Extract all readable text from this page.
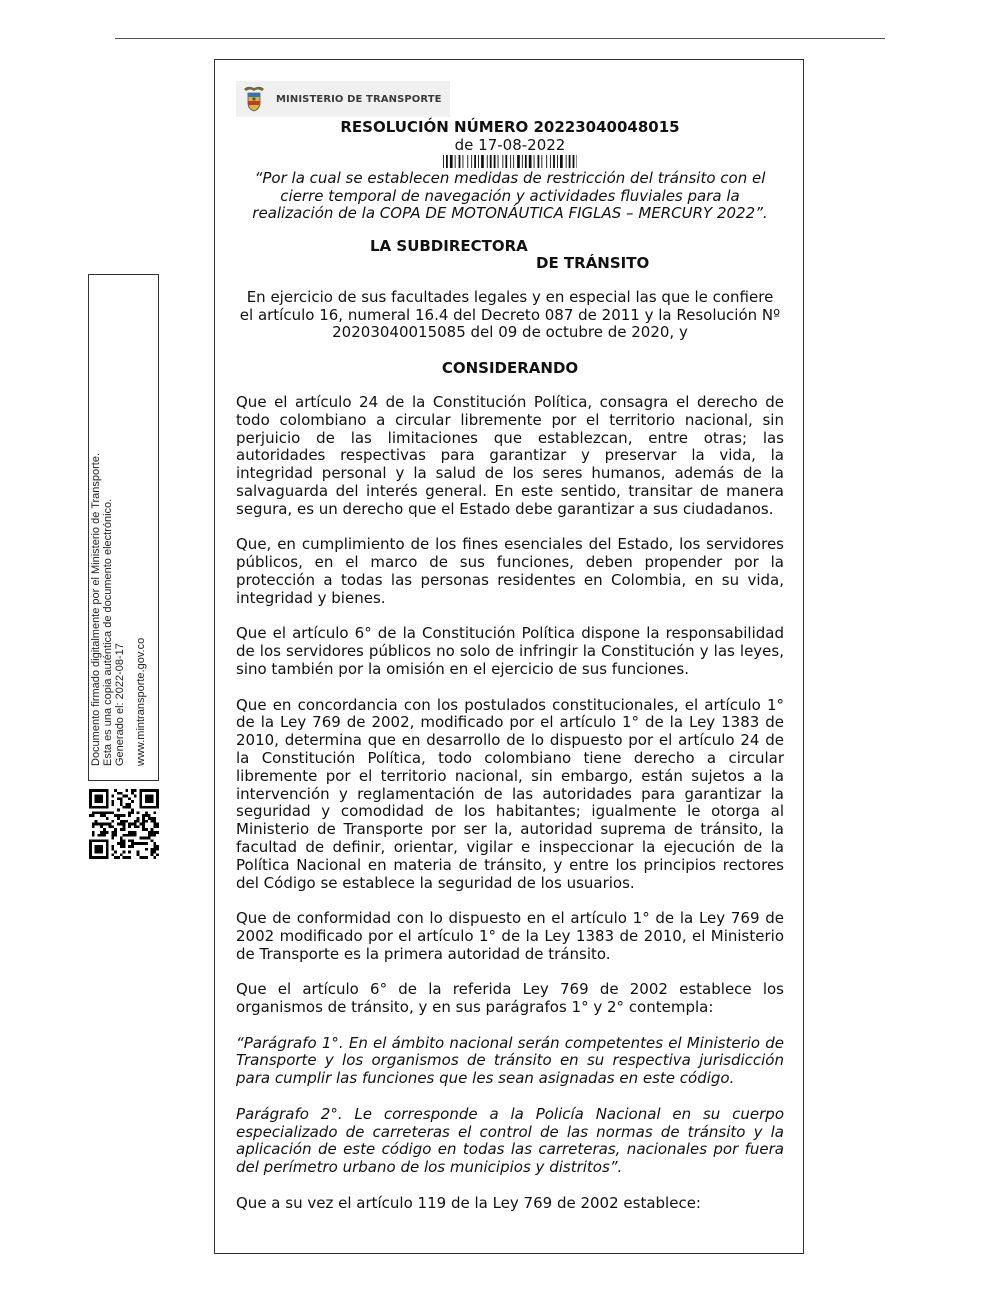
MINISTERIO DE TRANSPORTE
RESOLUCIÓN NÚMERO 20223040048015
de 17-08-2022
“Por la cual se establecen medidas de restricción del tránsito con el
cierre temporal de navegación y actividades fluviales para la
realización de la COPA DE MOTONÁUTICA FIGLAS – MERCURY 2022”.
LA SUBDIRECTORA
DE TRÁNSITO
En ejercicio de sus facultades legales y en especial las que le confiere
el artículo 16, numeral 16.4 del Decreto 087 de 2011 y la Resolución Nº
20203040015085 del 09 de octubre de 2020, y
CONSIDERANDO

Que el artículo 24 de la Constitución Política, consagra el derecho de todo colombiano a circular libremente por el territorio nacional, sin perjuicio de las limitaciones que establezcan, entre otras; las autoridades respectivas para garantizar y preservar la vida, la integridad personal y la salud de los seres humanos, además de la salvaguarda del interés general. En este sentido, transitar de manera segura, es un derecho que el Estado debe garantizar a sus ciudadanos.

Que, en cumplimiento de los fines esenciales del Estado, los servidores públicos, en el marco de sus funciones, deben propender por la protección a todas las personas residentes en Colombia, en su vida, integridad y bienes.

Que el artículo 6° de la Constitución Política dispone la responsabilidad de los servidores públicos no solo de infringir la Constitución y las leyes, sino también por la omisión en el ejercicio de sus funciones.

Que en concordancia con los postulados constitucionales, el artículo 1° de la Ley 769 de 2002, modificado por el artículo 1° de la Ley 1383 de 2010, determina que en desarrollo de lo dispuesto por el artículo 24 de la Constitución Política, todo colombiano tiene derecho a circular libremente por el territorio nacional, sin embargo, están sujetos a la intervención y reglamentación de las autoridades para garantizar la seguridad y comodidad de los habitantes; igualmente le otorga al Ministerio de Transporte por ser la, autoridad suprema de tránsito, la facultad de definir, orientar, vigilar e inspeccionar la ejecución de la Política Nacional en materia de tránsito, y entre los principios rectores del Código se establece la seguridad de los usuarios.

Que de conformidad con lo dispuesto en el artículo 1° de la Ley 769 de 2002 modificado por el artículo 1° de la Ley 1383 de 2010, el Ministerio de Transporte es la primera autoridad de tránsito.

Que el artículo 6° de la referida Ley 769 de 2002 establece los organismos de tránsito, y en sus parágrafos 1° y 2° contempla:

“Parágrafo 1°. En el ámbito nacional serán competentes el Ministerio de Transporte y los organismos de tránsito en su respectiva jurisdicción para cumplir las funciones que les sean asignadas en este código.

Parágrafo 2°. Le corresponde a la Policía Nacional en su cuerpo especializado de carreteras el control de las normas de tránsito y la aplicación de este código en todas las carreteras, nacionales por fuera del perímetro urbano de los municipios y distritos”.

Que a su vez el artículo 119 de la Ley 769 de 2002 establece:

Documento firmado digitalmente por el Ministerio de Transporte. Esta es una copia auténtica de documento electrónico. Generado el: 2022-08-17 www.mintransporte.gov.co
